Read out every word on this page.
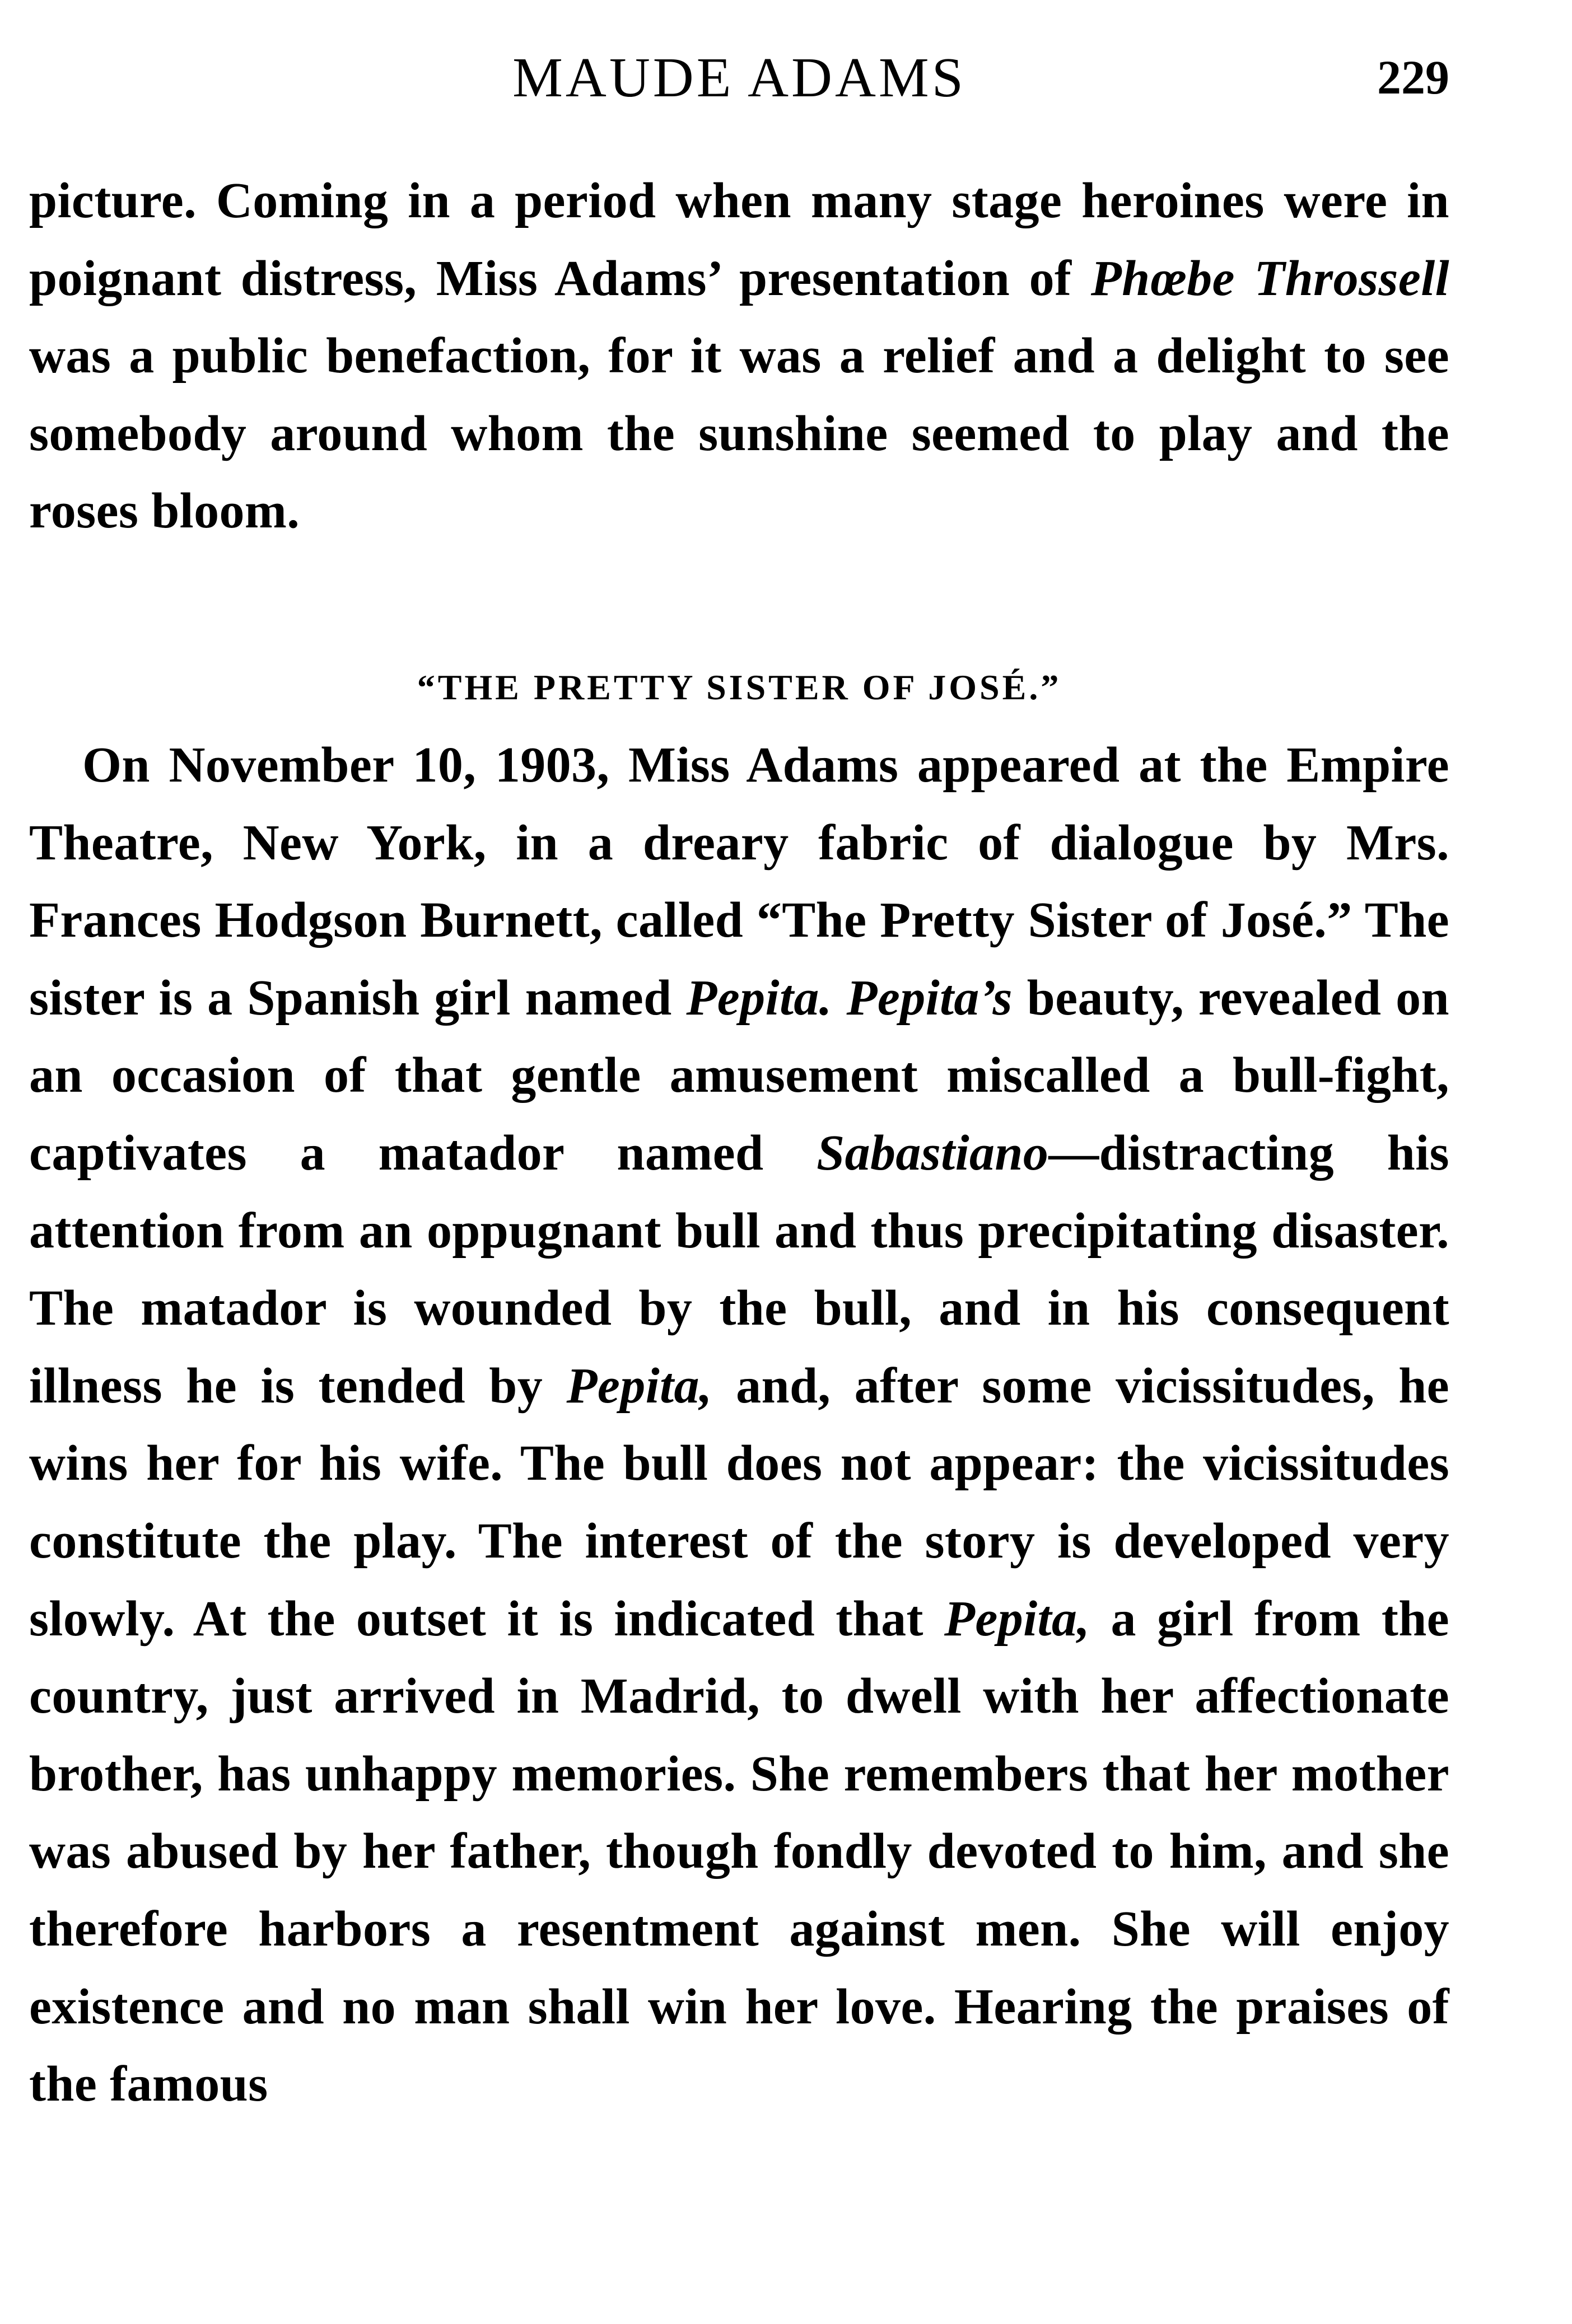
MAUDE ADAMS	229

picture. Coming in a period when many stage heroines were in poignant distress, Miss Adams’ presentation of Phœbe Throssell was a public benefaction, for it was a relief and a delight to see somebody around whom the sunshine seemed to play and the roses bloom.

“THE PRETTY SISTER OF JOSÉ.”

On November 10, 1903, Miss Adams appeared at the Empire Theatre, New York, in a dreary fabric of dialogue by Mrs. Frances Hodgson Burnett, called “The Pretty Sister of José.” The sister is a Spanish girl named Pepita. Pepita’s beauty, revealed on an occasion of that gentle amusement miscalled a bull-fight, captivates a matador named Sabastiano—distracting his attention from an oppugnant bull and thus precipitating disaster. The matador is wounded by the bull, and in his consequent illness he is tended by Pepita, and, after some vicissitudes, he wins her for his wife. The bull does not appear: the vicissitudes constitute the play. The interest of the story is developed very slowly. At the outset it is indicated that Pepita, a girl from the country, just arrived in Madrid, to dwell with her affectionate brother, has unhappy memories. She remembers that her mother was abused by her father, though fondly devoted to him, and she therefore harbors a resentment against men. She will enjoy existence and no man shall win her love. Hearing the praises of the famous
